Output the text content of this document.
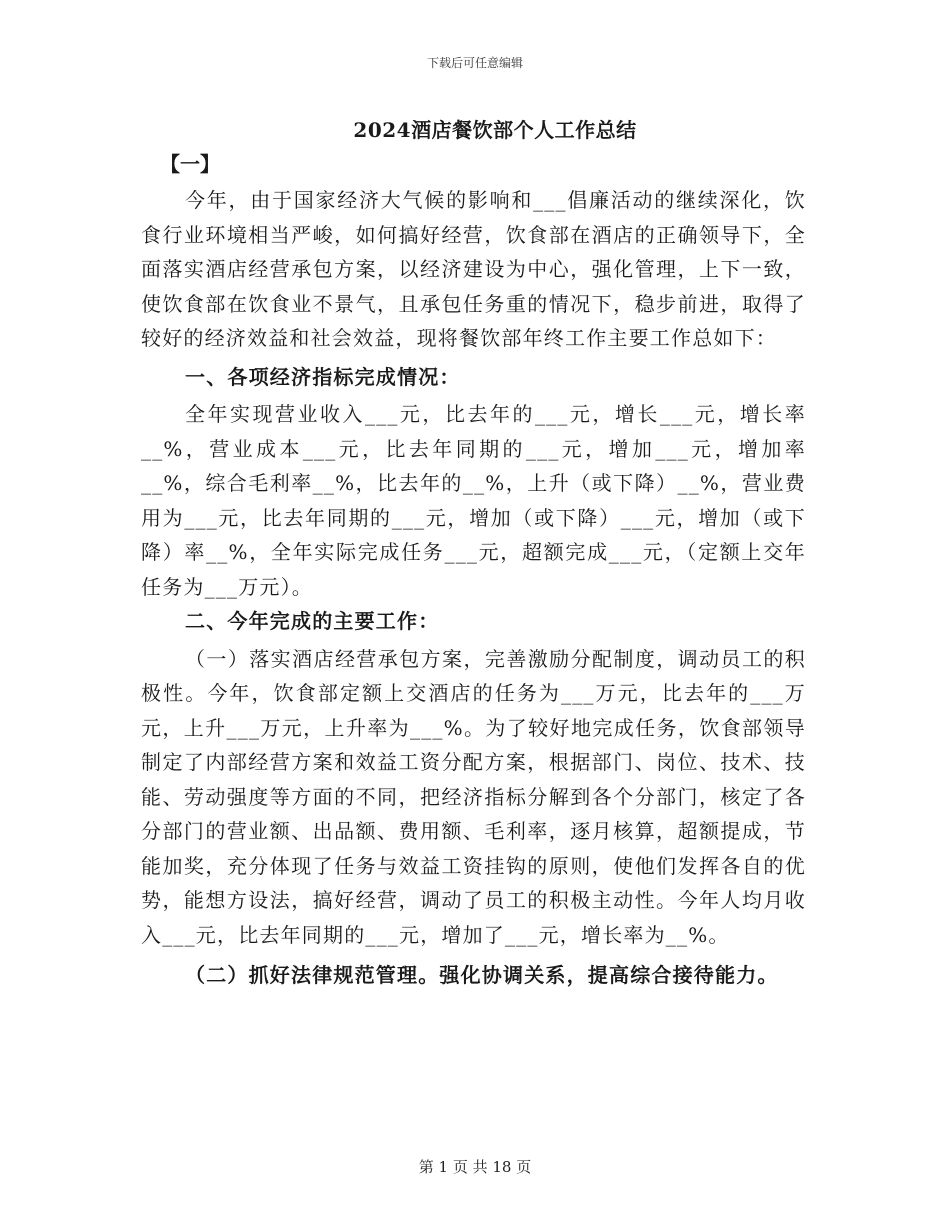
下载后可任意编辑
2024酒店餐饮部个人工作总结
【一】

今年，由于国家经济大气候的影响和___倡廉活动的继续深化，饮食行业环境相当严峻，如何搞好经营，饮食部在酒店的正确领导下，全面落实酒店经营承包方案，以经济建设为中心，强化管理，上下一致，使饮食部在饮食业不景气，且承包任务重的情况下，稳步前进，取得了较好的经济效益和社会效益，现将餐饮部年终工作主要工作总如下：

一、各项经济指标完成情况：

全年实现营业收入___元，比去年的___元，增长___元，增长率__%，营业成本___元，比去年同期的___元，增加___元，增加率__%，综合毛利率__%，比去年的__%，上升（或下降）__%，营业费用为___元，比去年同期的___元，增加（或下降）___元，增加（或下降）率__%，全年实际完成任务___元，超额完成___元，（定额上交年任务为___万元）。

二、今年完成的主要工作：

（一）落实酒店经营承包方案，完善激励分配制度，调动员工的积极性。今年，饮食部定额上交酒店的任务为___万元，比去年的___万元，上升___万元，上升率为___%。为了较好地完成任务，饮食部领导制定了内部经营方案和效益工资分配方案，根据部门、岗位、技术、技能、劳动强度等方面的不同，把经济指标分解到各个分部门，核定了各分部门的营业额、出品额、费用额、毛利率，逐月核算，超额提成，节能加奖，充分体现了任务与效益工资挂钩的原则，使他们发挥各自的优势，能想方设法，搞好经营，调动了员工的积极主动性。今年人均月收入___元，比去年同期的___元，增加了___元，增长率为__%。

（二）抓好法律规范管理。强化协调关系，提高综合接待能力。

第 1 页 共 18 页
